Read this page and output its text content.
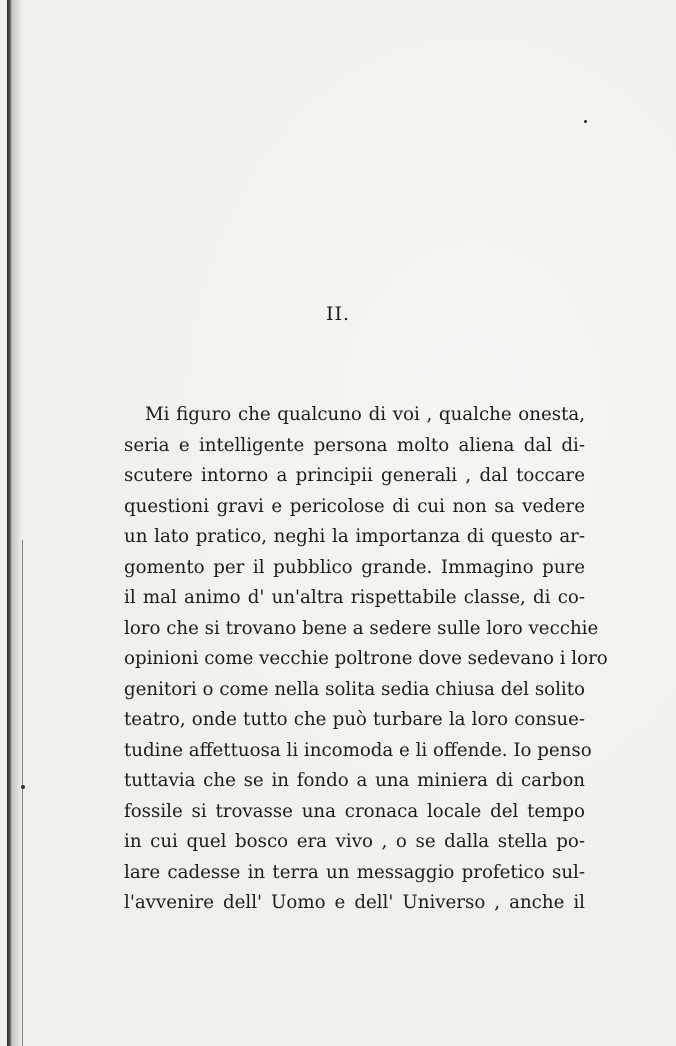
II.
Mi figuro che qualcuno di voi , qualche onesta,
seria e intelligente persona molto aliena dal di-
scutere intorno a principii generali , dal toccare
questioni gravi e pericolose di cui non sa vedere
un lato pratico, neghi la importanza di questo ar-
gomento per il pubblico grande. Immagino pure
il mal animo d' un'altra rispettabile classe, di co-
loro che si trovano bene a sedere sulle loro vecchie
opinioni come vecchie poltrone dove sedevano i loro
genitori o come nella solita sedia chiusa del solito
teatro, onde tutto che può turbare la loro consue-
tudine affettuosa li incomoda e li offende. Io penso
tuttavia che se in fondo a una miniera di carbon
fossile si trovasse una cronaca locale del tempo
in cui quel bosco era vivo , o se dalla stella po-
lare cadesse in terra un messaggio profetico sul-
l'avvenire dell' Uomo e dell' Universo , anche il
